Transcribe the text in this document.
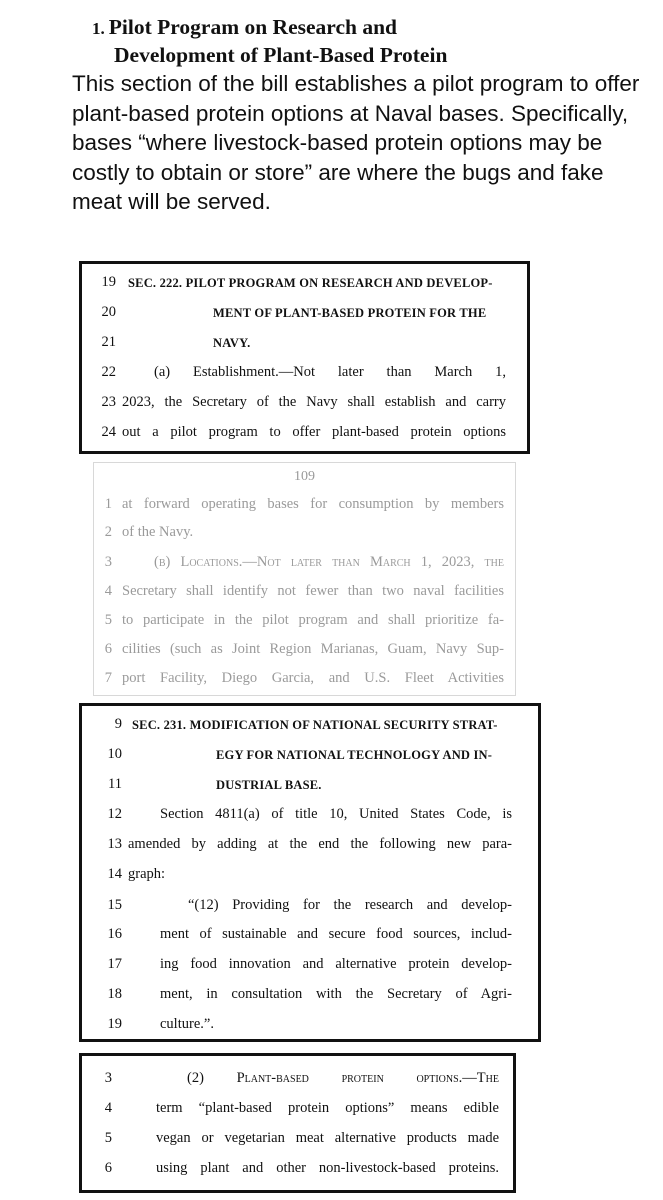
1. Pilot Program on Research and
Development of Plant-Based Protein
This section of the bill establishes a pilot program to offer plant-based protein options at Naval bases. Specifically, bases “where livestock-based protein options may be costly to obtain or store” are where the bugs and fake meat will be served.
19 SEC. 222. PILOT PROGRAM ON RESEARCH AND DEVELOP-
20	MENT OF PLANT-BASED PROTEIN FOR THE
21	NAVY.
22	(a) Establishment.—Not later than March 1,
23 2023, the Secretary of the Navy shall establish and carry
24 out a pilot program to offer plant-based protein options
109
1 at forward operating bases for consumption by members
2 of the Navy.
3	(b) Locations.—Not later than March 1, 2023, the
4 Secretary shall identify not fewer than two naval facilities
5 to participate in the pilot program and shall prioritize fa-
6 cilities (such as Joint Region Marianas, Guam, Navy Sup-
7 port Facility, Diego Garcia, and U.S. Fleet Activities
9 SEC. 231. MODIFICATION OF NATIONAL SECURITY STRAT-
10	EGY FOR NATIONAL TECHNOLOGY AND IN-
11	DUSTRIAL BASE.
12	Section 4811(a) of title 10, United States Code, is
13 amended by adding at the end the following new para-
14 graph:
15	“(12) Providing for the research and develop-
16	ment of sustainable and secure food sources, includ-
17	ing food innovation and alternative protein develop-
18	ment, in consultation with the Secretary of Agri-
19	culture.”.
3	(2) Plant-based protein options.—The
4	term “plant-based protein options” means edible
5	vegan or vegetarian meat alternative products made
6	using plant and other non-livestock-based proteins.
